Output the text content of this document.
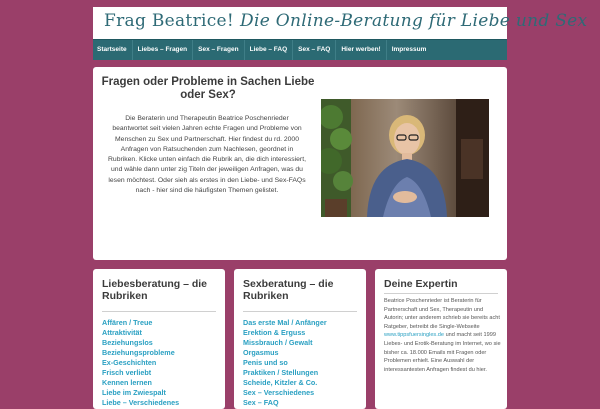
Frag Beatrice! Die Online-Beratung für Liebe und Sex
Startseite	Liebes – Fragen	Sex – Fragen	Liebe – FAQ	Sex – FAQ	Hier werben!	Impressum
Fragen oder Probleme in Sachen Liebe oder Sex?

Die Beraterin und Therapeutin Beatrice Poschenrieder beantwortet seit vielen Jahren echte Fragen und Probleme von Menschen zu Sex und Partnerschaft. Hier findest du rd. 2000 Anfragen von Ratsuchenden zum Nachlesen, geordnet in Rubriken. Klicke unten einfach die Rubrik an, die dich interessiert, und wähle dann unter zig Titeln der jeweiligen Anfragen, was du lesen möchtest. Oder sieh als erstes in den Liebe- und Sex-FAQs nach - hier sind die häufigsten Themen gelistet.

Liebesberatung – die Rubriken
Affären / Treue
Attraktivität
Beziehungslos
Beziehungsprobleme
Ex-Geschichten
Frisch verliebt
Kennen lernen
Liebe im Zwiespalt
Liebe – Verschiedenes
Sexberatung – die Rubriken
Das erste Mal / Anfänger
Erektion & Erguss
Missbrauch / Gewalt
Orgasmus
Penis und so
Praktiken / Stellungen
Scheide, Kitzler & Co.
Sex – Verschiedenes
Sex – FAQ
Deine Expertin

Beatrice Poschenrieder ist Beraterin für Partnerschaft und Sex, Therapeutin und Autorin; unter anderem schrieb sie bereits acht Ratgeber, betreibt die Single-Webseite www.tippsfuersingles.de und macht seit 1999 Liebes- und Erotik-Beratung im Internet, wo sie bisher ca. 18.000 Emails mit Fragen oder Problemen erhielt. Eine Auswahl der interessantesten Anfragen findest du hier.
